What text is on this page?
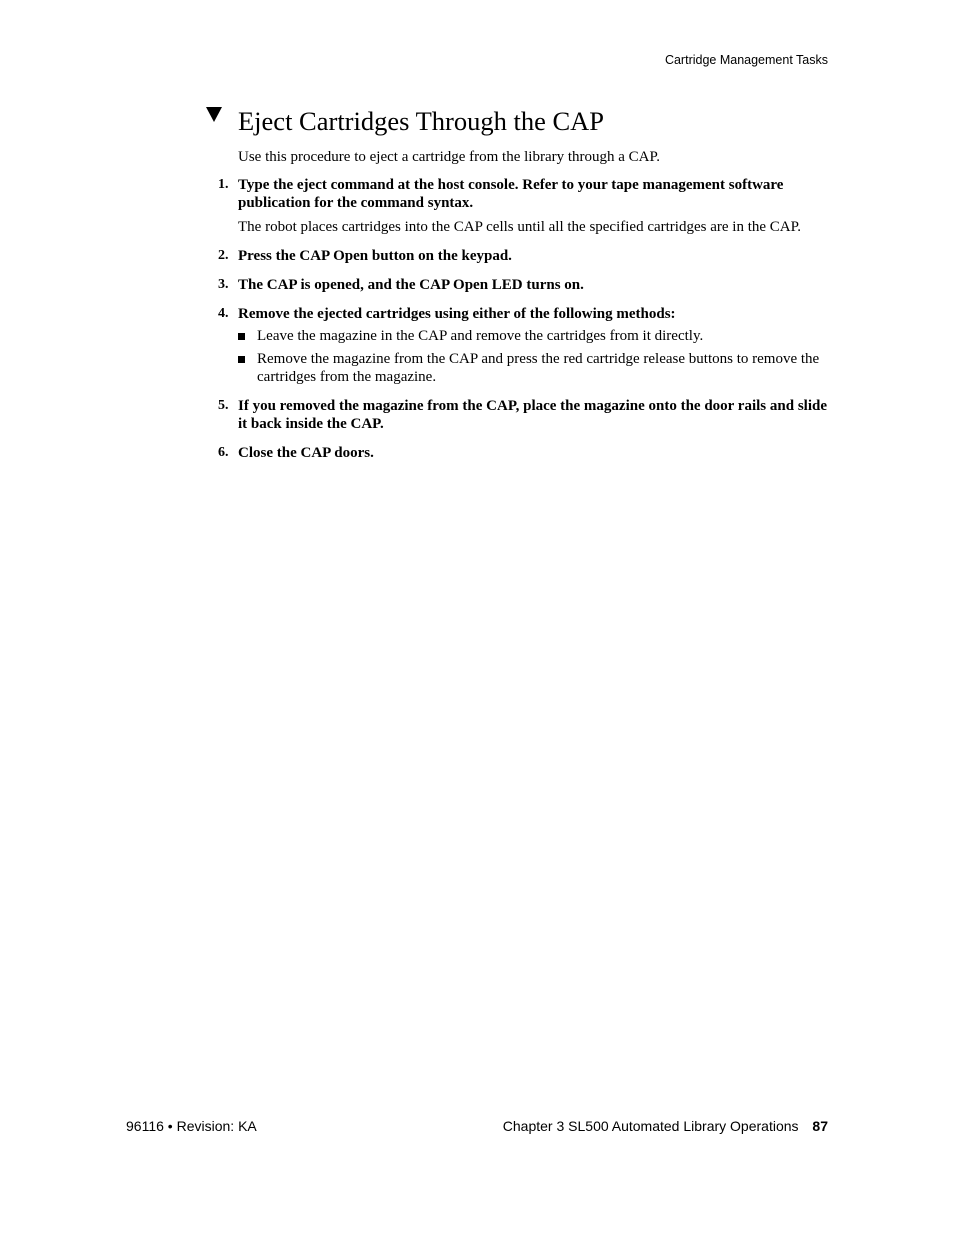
Cartridge Management Tasks
Eject Cartridges Through the CAP

Use this procedure to eject a cartridge from the library through a CAP.

1. Type the eject command at the host console. Refer to your tape management software publication for the command syntax.

The robot places cartridges into the CAP cells until all the specified cartridges are in the CAP.

2. Press the CAP Open button on the keypad.

3. The CAP is opened, and the CAP Open LED turns on.

4. Remove the ejected cartridges using either of the following methods:

Leave the magazine in the CAP and remove the cartridges from it directly.
Remove the magazine from the CAP and press the red cartridge release buttons to remove the cartridges from the magazine.
5. If you removed the magazine from the CAP, place the magazine onto the door rails and slide it back inside the CAP.

6. Close the CAP doors.

96116 • Revision: KA	Chapter 3 SL500 Automated Library Operations 87
